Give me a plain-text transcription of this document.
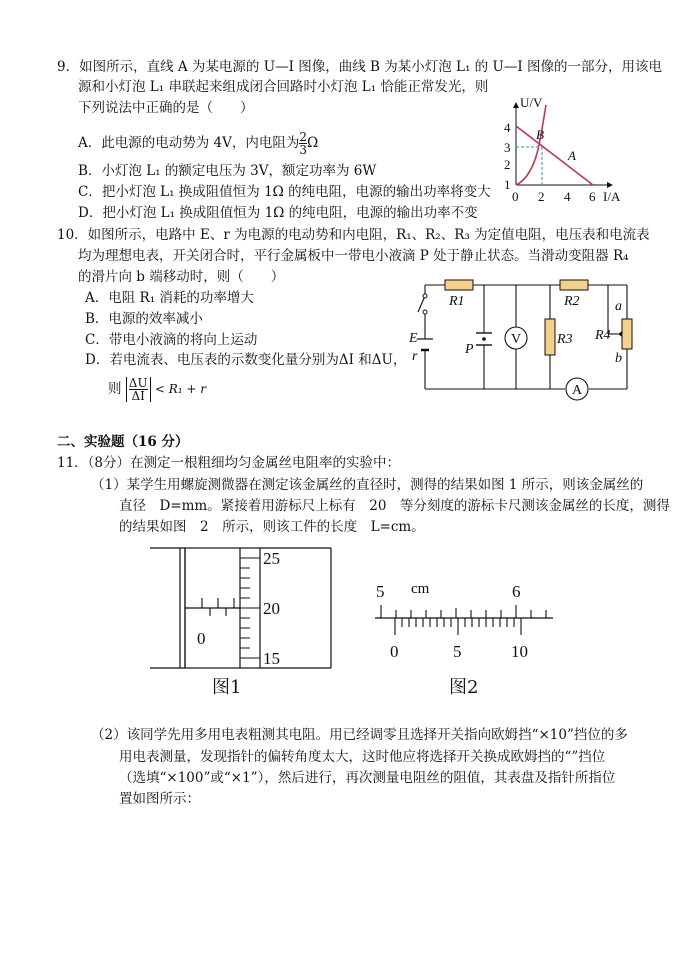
9．如图所示，直线 A 为某电源的 U—I 图像，曲线 B 为某小灯泡 L₁ 的 U—I 图像的一部分，用该电
源和小灯泡 L₁ 串联起来组成闭合回路时小灯泡 L₁ 恰能正常发光，则
下列说法中正确的是（　　）
A．此电源的电动势为 4V，内电阻为 $\frac{2}{3}$ Ω
B．小灯泡 L₁ 的额定电压为 3V，额定功率为 6W
C．把小灯泡 L₁ 换成阻值恒为 1Ω 的纯电阻，电源的输出功率将变大
D．把小灯泡 L₁ 换成阻值恒为 1Ω 的纯电阻，电源的输出功率不变
U/V
I/A
0
1
2
3
4
2 4 6
B
A
10．如图所示，电路中 E、r 为电源的电动势和内电阻，R₁、R₂、R₃ 为定值电阻，电压表和电流表
均为理想电表，开关闭合时，平行金属板中一带电小液滴 P 处于静止状态。当滑动变阻器 R₄
的滑片向 b 端移动时，则（　　）
A．电阻 R₁ 消耗的功率增大
B．电源的效率减小
C．带电小液滴的将向上运动
D．若电流表、电压表的示数变化量分别为ΔI 和ΔU，
则 $\frac{\Delta U}{\Delta I} < R_1 + r$
V
A
R1	R2
R3 R4
E
r	P
a
b
二、实验题（16 分）
11．（8分）在测定一根粗细均匀金属丝电阻率的实验中：
（1）某学生用螺旋测微器在测定该金属丝的直径时，测得的结果如图 1 所示，则该金属丝的
直径　D=mm。紧接着用游标尺上标有　20　等分刻度的游标卡尺测该金属丝的长度，测得
的结果如图　2　所示，则该工件的长度　L=cm。
25
20
15
0
图1
5 cm	6
0	5	10
图2
（2）该同学先用多用电表粗测其电阻。用已经调零且选择开关指向欧姆挡“×10”挡位的多
用电表测量，发现指针的偏转角度太大，这时他应将选择开关换成欧姆挡的“”挡位
（选填“×100”或“×1”），然后进行，再次测量电阻丝的阻值，其表盘及指针所指位
置如图所示：
